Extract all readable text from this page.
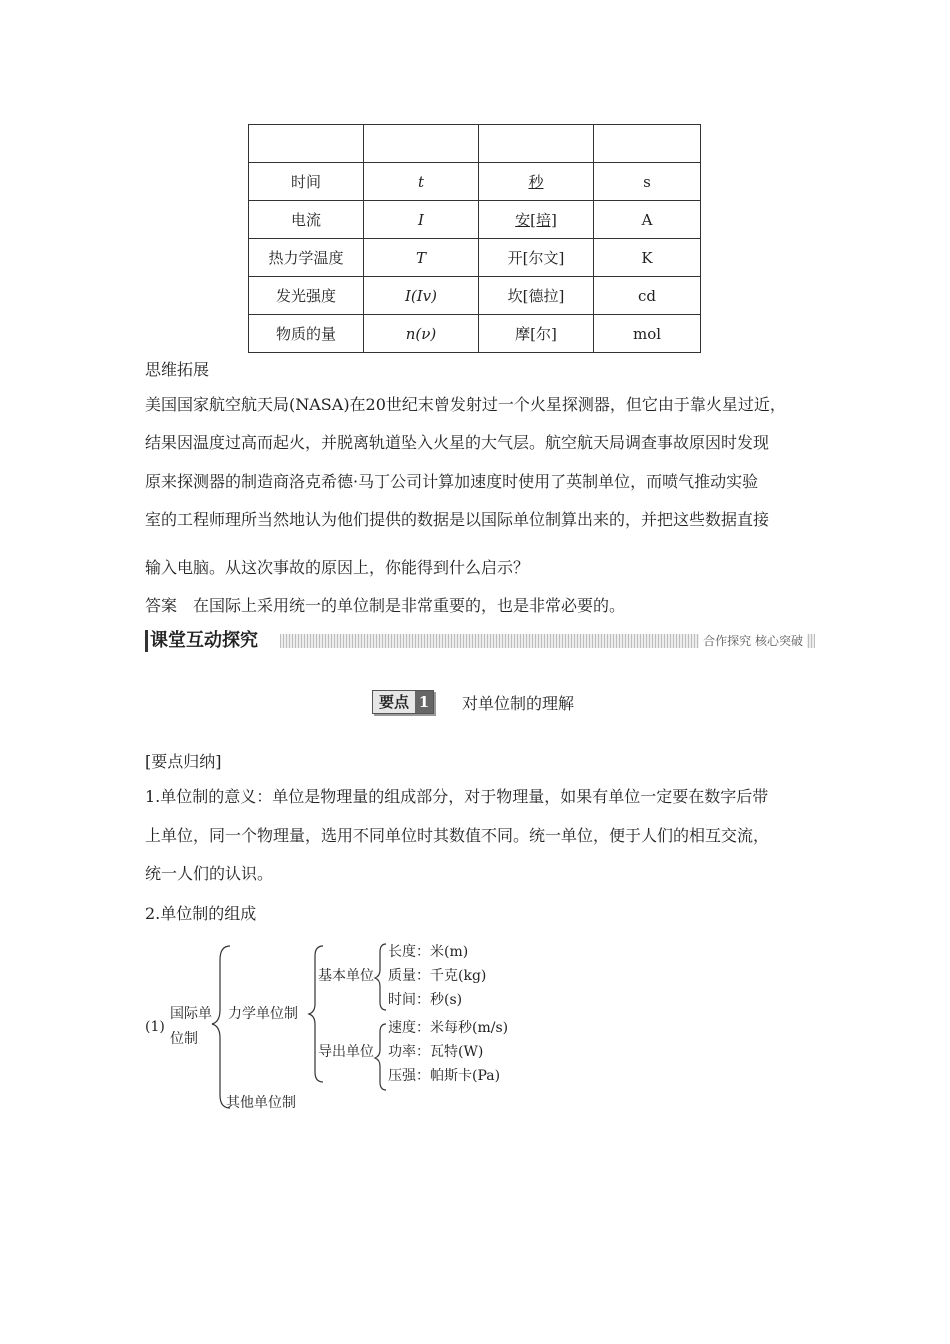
时间	t	秒	s
电流	I	安[培]	A
热力学温度	T	开[尔文]	K
发光强度	I(Iv)	坎[德拉]	cd
物质的量	n(ν)	摩[尔]	mol
思维拓展
美国国家航空航天局(NASA)在20世纪末曾发射过一个火星探测器，但它由于靠火星过近，
结果因温度过高而起火，并脱离轨道坠入火星的大气层。航空航天局调查事故原因时发现
原来探测器的制造商洛克希德·马丁公司计算加速度时使用了英制单位，而喷气推动实验
室的工程师理所当然地认为他们提供的数据是以国际单位制算出来的，并把这些数据直接
输入电脑。从这次事故的原因上，你能得到什么启示？
答案　在国际上采用统一的单位制是非常重要的，也是非常必要的。
课堂互动探究	合作探究 核心突破
要点 1 对单位制的理解
[要点归纳]
1.单位制的意义：单位是物理量的组成部分，对于物理量，如果有单位一定要在数字后带
上单位，同一个物理量，选用不同单位时其数值不同。统一单位，便于人们的相互交流，
统一人们的认识。
2.单位制的组成
(1)
国际单
位制
力学单位制
其他单位制
基本单位
导出单位
长度：米(m)
质量：千克(kg)
时间：秒(s)
速度：米每秒(m/s)
功率：瓦特(W)
压强：帕斯卡(Pa)
